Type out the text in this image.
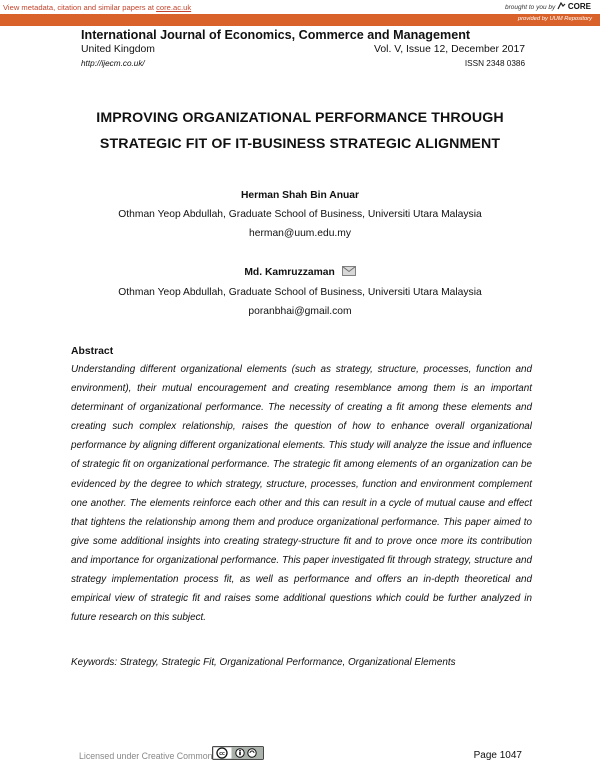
View metadata, citation and similar papers at core.ac.uk	brought to you by CORE
provided by UUM Repository
International Journal of Economics, Commerce and Management
United Kingdom	Vol. V, Issue 12, December 2017
http://ijecm.co.uk/	ISSN 2348 0386
IMPROVING ORGANIZATIONAL PERFORMANCE THROUGH
STRATEGIC FIT OF IT-BUSINESS STRATEGIC ALIGNMENT
Herman Shah Bin Anuar
Othman Yeop Abdullah, Graduate School of Business, Universiti Utara Malaysia
herman@uum.edu.my
Md. Kamruzzaman
Othman Yeop Abdullah, Graduate School of Business, Universiti Utara Malaysia
poranbhai@gmail.com
Abstract

Understanding different organizational elements (such as strategy, structure, processes, function and environment), their mutual encouragement and creating resemblance among them is an important determinant of organizational performance. The necessity of creating a fit among these elements and creating such complex relationship, raises the question of how to enhance overall organizational performance by aligning different organizational elements. This study will analyze the issue and influence of strategic fit on organizational performance. The strategic fit among elements of an organization can be evidenced by the degree to which strategy, structure, processes, function and environment complement one another. The elements reinforce each other and this can result in a cycle of mutual cause and effect that tightens the relationship among them and produce organizational performance. This paper aimed to give some additional insights into creating strategy-structure fit and to prove once more its contribution and importance for organizational performance. This paper investigated fit through strategy, structure and strategy implementation process fit, as well as performance and offers an in-depth theoretical and empirical view of strategic fit and raises some additional questions which could be further analyzed in future research on this subject.

Keywords: Strategy, Strategic Fit, Organizational Performance, Organizational Elements
Licensed under Creative Common cc	Page 1047
